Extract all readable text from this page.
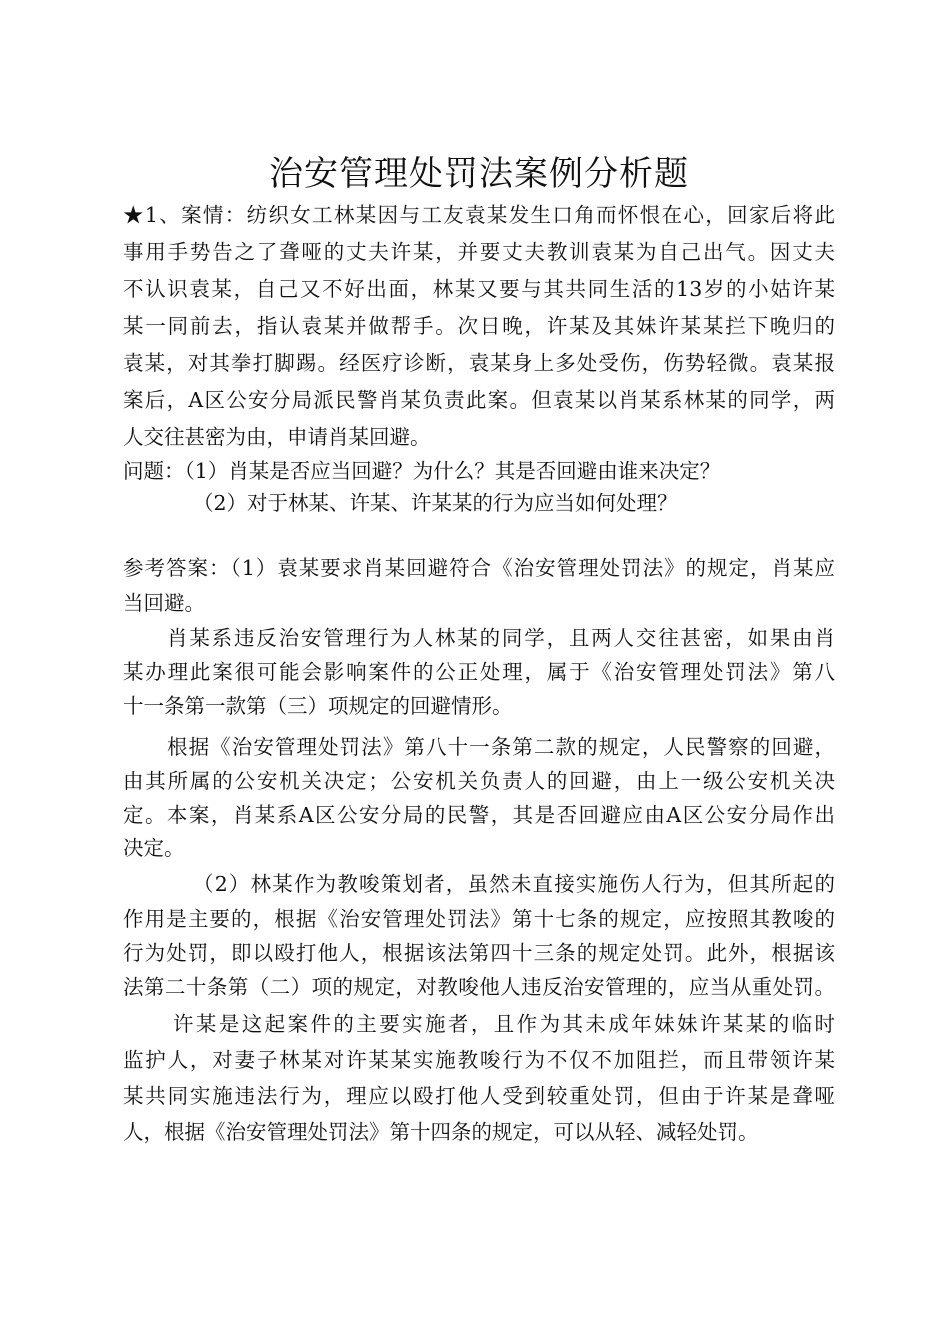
治安管理处罚法案例分析题
★1、案情：纺织女工林某因与工友袁某发生口角而怀恨在心，回家后将此
事用手势告之了聋哑的丈夫许某，并要丈夫教训袁某为自己出气。因丈夫
不认识袁某，自己又不好出面，林某又要与其共同生活的13岁的小姑许某
某一同前去，指认袁某并做帮手。次日晚，许某及其妹许某某拦下晚归的
袁某，对其拳打脚踢。经医疗诊断，袁某身上多处受伤，伤势轻微。袁某报
案后，A区公安分局派民警肖某负责此案。但袁某以肖某系林某的同学，两
人交往甚密为由，申请肖某回避。
问题：（1）肖某是否应当回避？为什么？其是否回避由谁来决定？
（2）对于林某、许某、许某某的行为应当如何处理？
参考答案：（1）袁某要求肖某回避符合《治安管理处罚法》的规定，肖某应
当回避。
肖某系违反治安管理行为人林某的同学，且两人交往甚密，如果由肖
某办理此案很可能会影响案件的公正处理，属于《治安管理处罚法》第八
十一条第一款第（三）项规定的回避情形。
根据《治安管理处罚法》第八十一条第二款的规定，人民警察的回避，
由其所属的公安机关决定；公安机关负责人的回避，由上一级公安机关决
定。本案，肖某系A区公安分局的民警，其是否回避应由A区公安分局作出
决定。
（2）林某作为教唆策划者，虽然未直接实施伤人行为，但其所起的
作用是主要的，根据《治安管理处罚法》第十七条的规定，应按照其教唆的
行为处罚，即以殴打他人，根据该法第四十三条的规定处罚。此外，根据该
法第二十条第（二）项的规定，对教唆他人违反治安管理的，应当从重处罚。
许某是这起案件的主要实施者，且作为其未成年妹妹许某某的临时
监护人，对妻子林某对许某某实施教唆行为不仅不加阻拦，而且带领许某
某共同实施违法行为，理应以殴打他人受到较重处罚，但由于许某是聋哑
人，根据《治安管理处罚法》第十四条的规定，可以从轻、减轻处罚。
